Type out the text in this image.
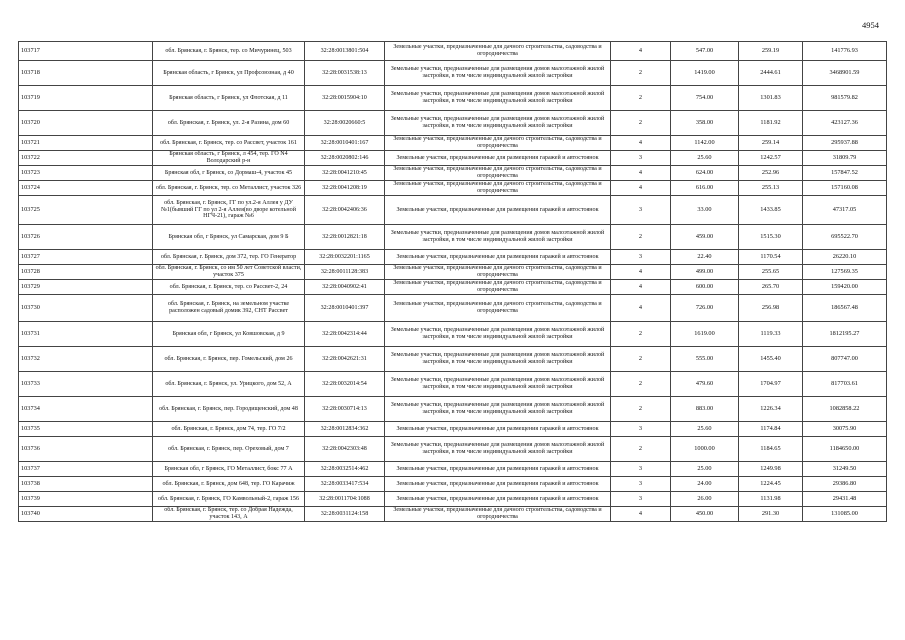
4954
103717	обл. Брянская, г. Брянск, тер. со Мичуринец, 503	32:28:0013801:504	Земельные участки, предназначенные для дачного строительства, садоводства и огородничества	4	547.00	259.19	141776.93
103718	Брянская область, г Брянск, ул Профсоюзная, д 40	32:28:0031538:13	Земельные участки, предназначенные для размещения домов малоэтажной жилой застройки, в том числе индивидуальной жилой застройки	2	1419.00	2444.61	3468901.59
103719	Брянская область, г Брянск, ул Флотская, д 11	32:28:0015904:10	Земельные участки, предназначенные для размещения домов малоэтажной жилой застройки, в том числе индивидуальной жилой застройки	2	754.00	1301.83	981579.82
103720	обл. Брянская, г. Брянск, ул. 2-я Разина, дом 60	32:28:0020660:5	Земельные участки, предназначенные для размещения домов малоэтажной жилой застройки, в том числе индивидуальной жилой застройки	2	358.00	1181.92	423127.36
103721	обл. Брянская, г. Брянск, тер. со Рассвет, участок 161	32:28:0010401:167	Земельные участки, предназначенные для дачного строительства, садоводства и огородничества	4	1142.00	259.14	295937.88
103722	Брянская область, г Брянск, л 454, тер. ГО N4 Володарский р-н	32:28:0020802:146	Земельные участки, предназначенные для размещения гаражей и автостоянок	3	25.60	1242.57	31809.79
103723	Брянская обл, г Брянск, со Дормаш-4, участок 45	32:28:0041210:45	Земельные участки, предназначенные для дачного строительства, садоводства и огородничества	4	624.00	252.96	157847.52
103724	обл. Брянская, г. Брянск, тер. со Металлист, участок 326	32:28:0041208:19	Земельные участки, предназначенные для дачного строительства, садоводства и огородничества	4	616.00	255.13	157160.08
103725	обл. Брянская, г. Брянск, ГГ по ул.2-я Аллея у ДУ №1(бывший ГГ по ул 2-я Аллея(во дворе котельной НГЧ-21), гараж №6	32:28:0042406:36	Земельные участки, предназначенные для размещения гаражей и автостоянок	3	33.00	1433.85	47317.05
103726	Брянская обл, г Брянск, ул Самарская, дом 9 Б	32:28:0012821:18	Земельные участки, предназначенные для размещения домов малоэтажной жилой застройки, в том числе индивидуальной жилой застройки	2	459.00	1515.30	695522.70
103727	обл. Брянская, г. Брянск, дом 372, тер. ГО Генератор	32:28:0032201:1165	Земельные участки, предназначенные для размещения гаражей и автостоянок	3	22.40	1170.54	26220.10
103728	обл. Брянская, г. Брянск, со им 50 лет Советской власти, участок 375	32:28:0011128:383	Земельные участки, предназначенные для дачного строительства, садоводства и огородничества	4	499.00	255.65	127569.35
103729	обл. Брянская, г. Брянск, тер. со Рассвет-2, 24	32:28:0040902:41	Земельные участки, предназначенные для дачного строительства, садоводства и огородничества	4	600.00	265.70	159420.00
103730	обл. Брянская, г. Брянск, на земельном участке расположен садовый домик 392, СНТ Рассвет	32:28:0010401:397	Земельные участки, предназначенные для дачного строительства, садоводства и огородничества	4	726.00	256.98	186567.48
103731	Брянская обл, г Брянск, ул Ковшовская, д 9	32:28:0042314:44	Земельные участки, предназначенные для размещения домов малоэтажной жилой застройки, в том числе индивидуальной жилой застройки	2	1619.00	1119.33	1812195.27
103732	обл. Брянская, г. Брянск, пер. Гомельский, дом 26	32:28:0042621:31	Земельные участки, предназначенные для размещения домов малоэтажной жилой застройки, в том числе индивидуальной жилой застройки	2	555.00	1455.40	807747.00
103733	обл. Брянская, г. Брянск, ул. Урицкого, дом 52, А	32:28:0032014:54	Земельные участки, предназначенные для размещения домов малоэтажной жилой застройки, в том числе индивидуальной жилой застройки	2	479.60	1704.97	817703.61
103734	обл. Брянская, г. Брянск, пер. Городищенский, дом 48	32:28:0030714:13	Земельные участки, предназначенные для размещения домов малоэтажной жилой застройки, в том числе индивидуальной жилой застройки	2	883.00	1226.34	1082858.22
103735	обл. Брянская, г. Брянск, дом 74, тер. ГО 7/2	32:28:0012834:362	Земельные участки, предназначенные для размещения гаражей и автостоянок	3	25.60	1174.84	30075.90
103736	обл. Брянская, г. Брянск, пер. Ореховый, дом 7	32:28:0042303:48	Земельные участки, предназначенные для размещения домов малоэтажной жилой застройки, в том числе индивидуальной жилой застройки	2	1000.00	1184.65	1184650.00
103737	Брянская обл, г Брянск, ГО Металлист, бокс 77 А	32:28:0032514:462	Земельные участки, предназначенные для размещения гаражей и автостоянок	3	25.00	1249.98	31249.50
103738	обл. Брянская, г. Брянск, дом 648, тер. ГО Карачиж	32:28:0033417:534	Земельные участки, предназначенные для размещения гаражей и автостоянок	3	24.00	1224.45	29386.80
103739	обл. Брянская, г. Брянск, ГО Камвольный-2, гараж 156	32:28:0011704:1088	Земельные участки, предназначенные для размещения гаражей и автостоянок	3	26.00	1131.98	29431.48
103740	обл. Брянская, г. Брянск, тер. со Добрая Надежда, участок 143, А	32:28:0031124:158	Земельные участки, предназначенные для дачного строительства, садоводства и огородничества	4	450.00	291.30	131085.00
